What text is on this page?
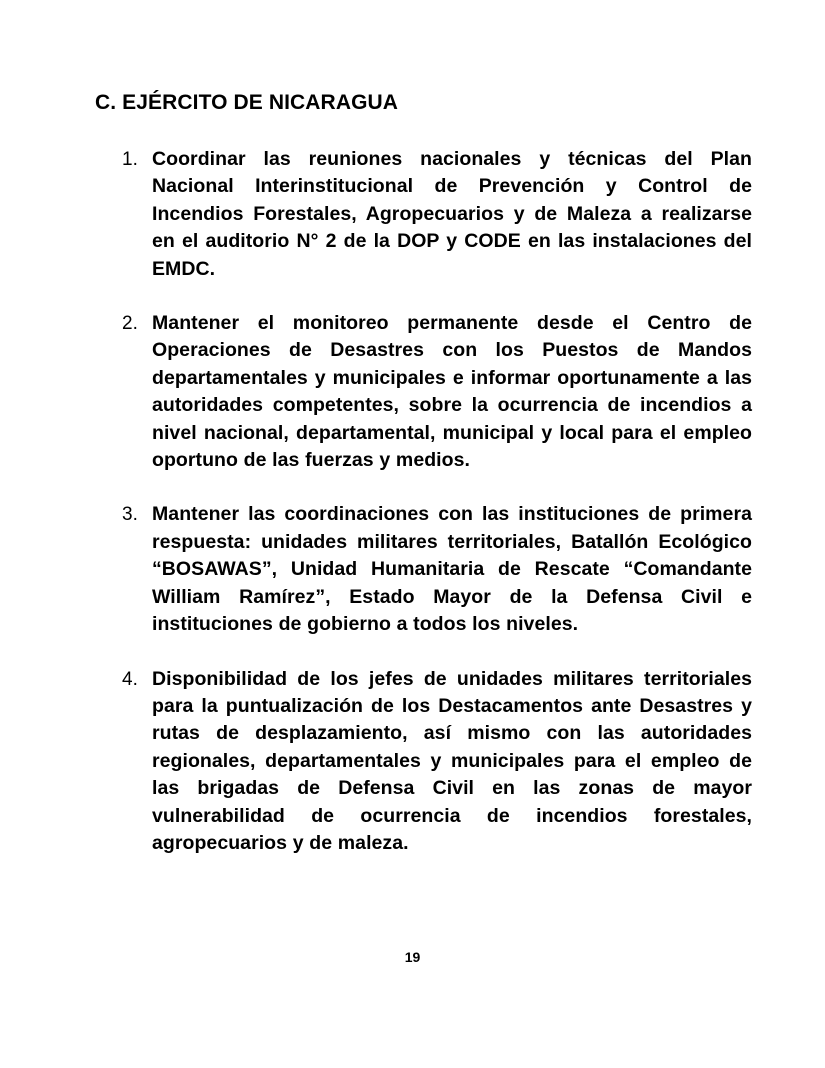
C. EJÉRCITO DE NICARAGUA
1. Coordinar las reuniones nacionales y técnicas del Plan Nacional Interinstitucional de Prevención y Control de Incendios Forestales, Agropecuarios y de Maleza a realizarse en el auditorio N° 2 de la DOP y CODE en las instalaciones del EMDC.
2. Mantener el monitoreo permanente desde el Centro de Operaciones de Desastres con los Puestos de Mandos departamentales y municipales e informar oportunamente a las autoridades competentes, sobre la ocurrencia de incendios a nivel nacional, departamental, municipal y local para el empleo oportuno de las fuerzas y medios.
3. Mantener las coordinaciones con las instituciones de primera respuesta: unidades militares territoriales, Batallón Ecológico “BOSAWAS”, Unidad Humanitaria de Rescate “Comandante William Ramírez”, Estado Mayor de la Defensa Civil e instituciones de gobierno a todos los niveles.
4. Disponibilidad de los jefes de unidades militares territoriales para la puntualización de los Destacamentos ante Desastres y rutas de desplazamiento, así mismo con las autoridades regionales, departamentales y municipales para el empleo de las brigadas de Defensa Civil en las zonas de mayor vulnerabilidad de ocurrencia de incendios forestales, agropecuarios y de maleza.
19
